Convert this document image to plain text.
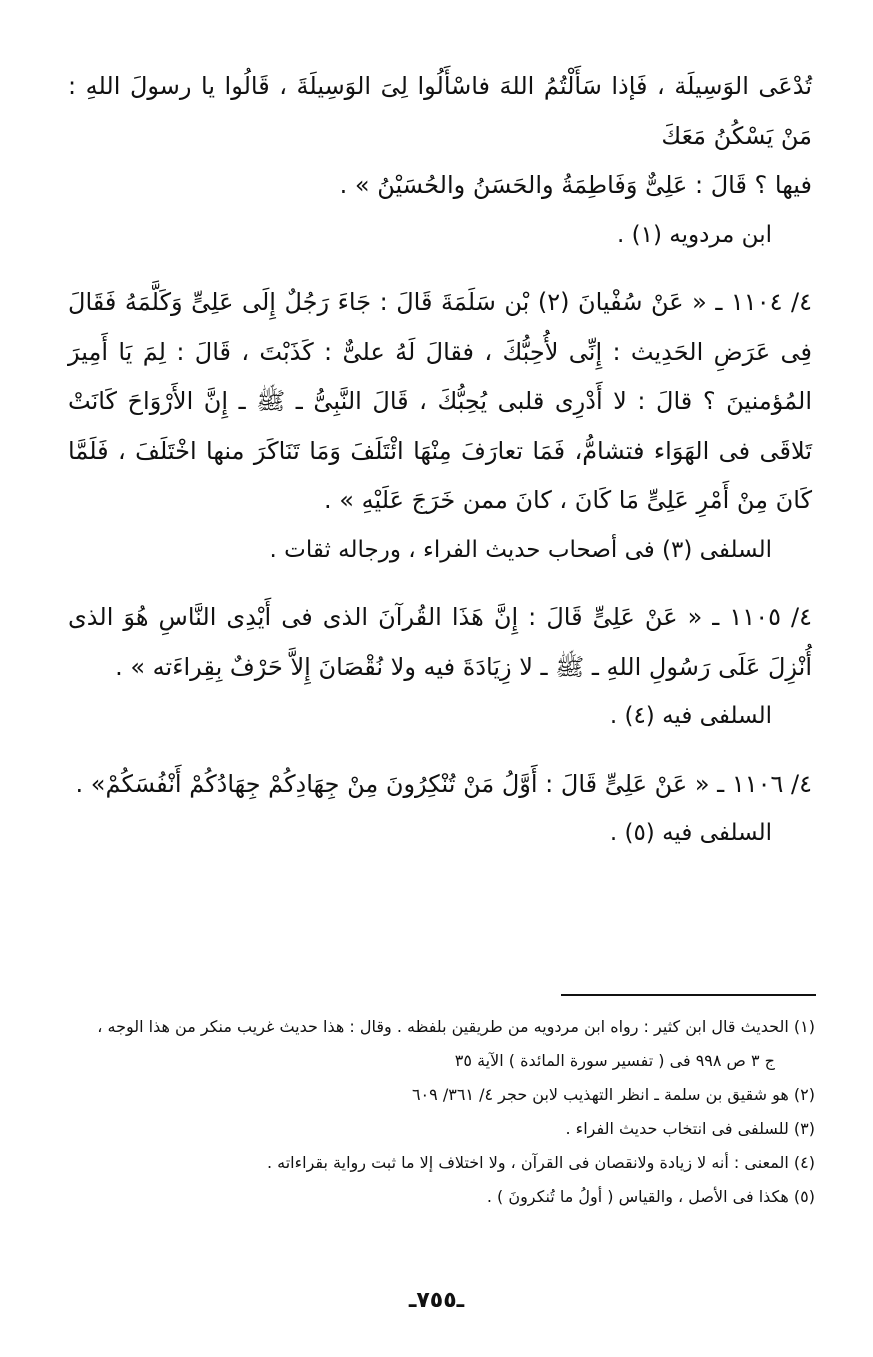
تُدْعَى الوَسِيلَة ، فَإذا سَأَلْتُمُ اللهَ فاسْأَلُوا لِىَ الوَسِيلَةَ ، قَالُوا يا رسولَ اللهِ : مَنْ يَسْكُنُ مَعَكَ

فيها ؟ قَالَ : عَلِىٌّ وَفَاطِمَةُ والحَسَنُ والحُسَيْنُ » .

ابن مردويه (١) .

٤/ ١١٠٤ ـ « عَنْ سُفْيانَ (٢) بْن سَلَمَةَ قَالَ : جَاءَ رَجُلٌ إِلَى عَلِىٍّ وَكَلَّمَهُ فَقَالَ فِى عَرَضِ الحَدِيث : إِنِّى لأُحِبُّكَ ، فقالَ لَهُ علىٌّ : كَذَبْتَ ، قَالَ : لِمَ يَا أَمِيرَ المُؤمنينَ ؟ قالَ : لا أَدْرِى قلبى يُحِبُّكَ ، قَالَ النَّبِىُّ ـ ﷺ ـ إِنَّ الأَرْوَاحَ كَانَتْ تَلاقَى فى الهَوَاء فتشامُّ، فَمَا تعارَفَ مِنْهَا ائْتَلَفَ وَمَا تَنَاكَرَ منها اخْتَلَفَ ، فَلَمَّا كَانَ مِنْ أَمْرِ عَلِىٍّ مَا كَانَ ، كانَ ممن خَرَجَ عَلَيْهِ » .

السلفى (٣) فى أصحاب حديث الفراء ، ورجاله ثقات .

٤/ ١١٠٥ ـ « عَنْ عَلِىٍّ قَالَ : إِنَّ هَذَا القُرآنَ الذى فى أَيْدِى النَّاسِ هُوَ الذى أُنْزِلَ عَلَى رَسُولِ اللهِ ـ ﷺ ـ لا زِيَادَةَ فيه ولا نُقْصَانَ إِلاَّ حَرْفٌ بِقِراءَته » .

السلفى فيه (٤) .

٤/ ١١٠٦ ـ « عَنْ عَلِىٍّ قَالَ : أَوَّلُ مَنْ تُنْكِرُونَ مِنْ جِهَادِكُمْ جِهَادُكُمْ أَنْفُسَكُمْ» .

السلفى فيه (٥) .

(١) الحديث قال ابن كثير : رواه ابن مردويه من طريقين بلفظه . وقال : هذا حديث غريب منكر من هذا الوجه ،

ج ٣ ص ٩٩٨ فى ( تفسير سورة المائدة ) الآية ٣٥

(٢) هو شقيق بن سلمة ـ انظر التهذيب لابن حجر ٤/ ٣٦١/ ٦٠٩

(٣) للسلفى فى انتخاب حديث الفراء .

(٤) المعنى : أنه لا زيادة ولانقصان فى القرآن ، ولا اختلاف إلا ما ثبت رواية بقراءاته .

(٥) هكذا فى الأصل ، والقياس ( أولُ ما تُنكرونَ ) .

ـ٧٥٥ـ
